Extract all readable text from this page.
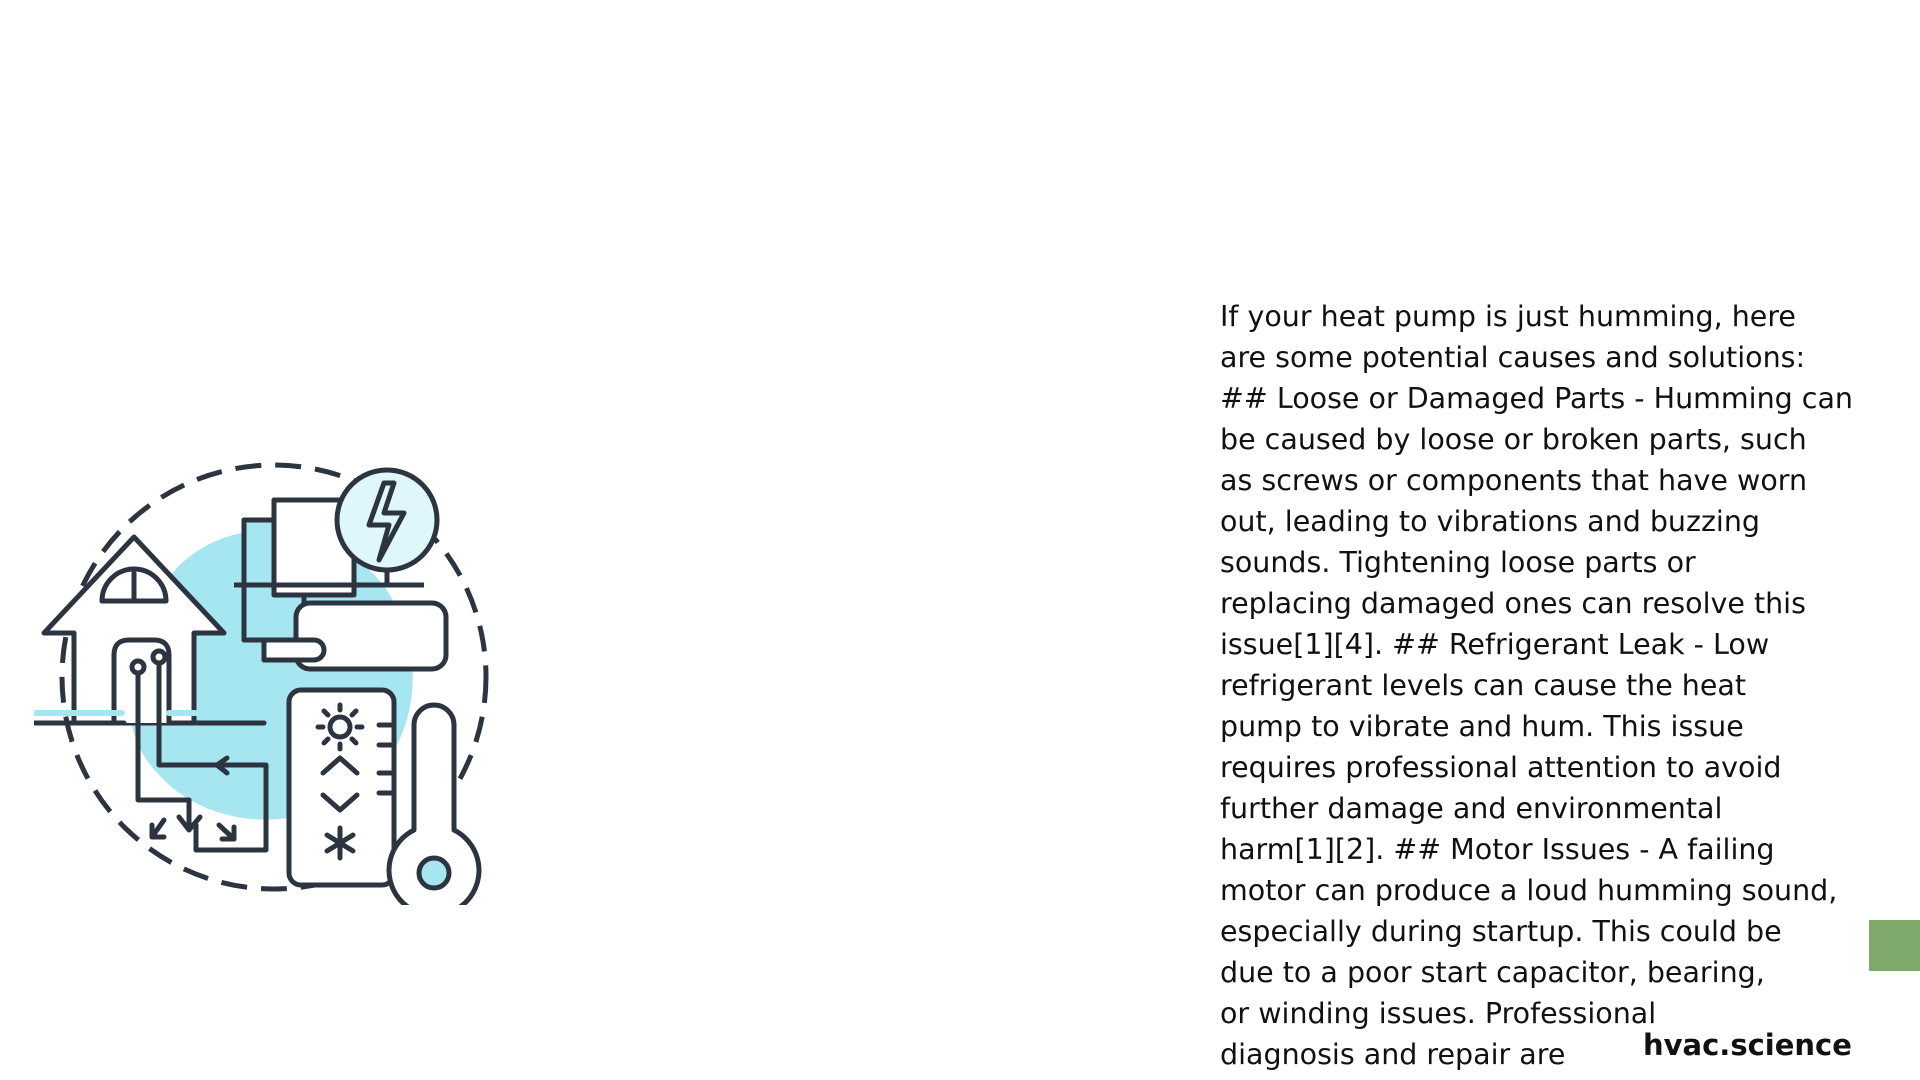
If your heat pump is just humming, here
are some potential causes and solutions:
## Loose or Damaged Parts - Humming can
be caused by loose or broken parts, such
as screws or components that have worn
out, leading to vibrations and buzzing
sounds. Tightening loose parts or
replacing damaged ones can resolve this
issue[1][4]. ## Refrigerant Leak - Low
refrigerant levels can cause the heat
pump to vibrate and hum. This issue
requires professional attention to avoid
further damage and environmental
harm[1][2]. ## Motor Issues - A failing
motor can produce a loud humming sound,
especially during startup. This could be
due to a poor start capacitor, bearing,
or winding issues. Professional
diagnosis and repair are	hvac.science
